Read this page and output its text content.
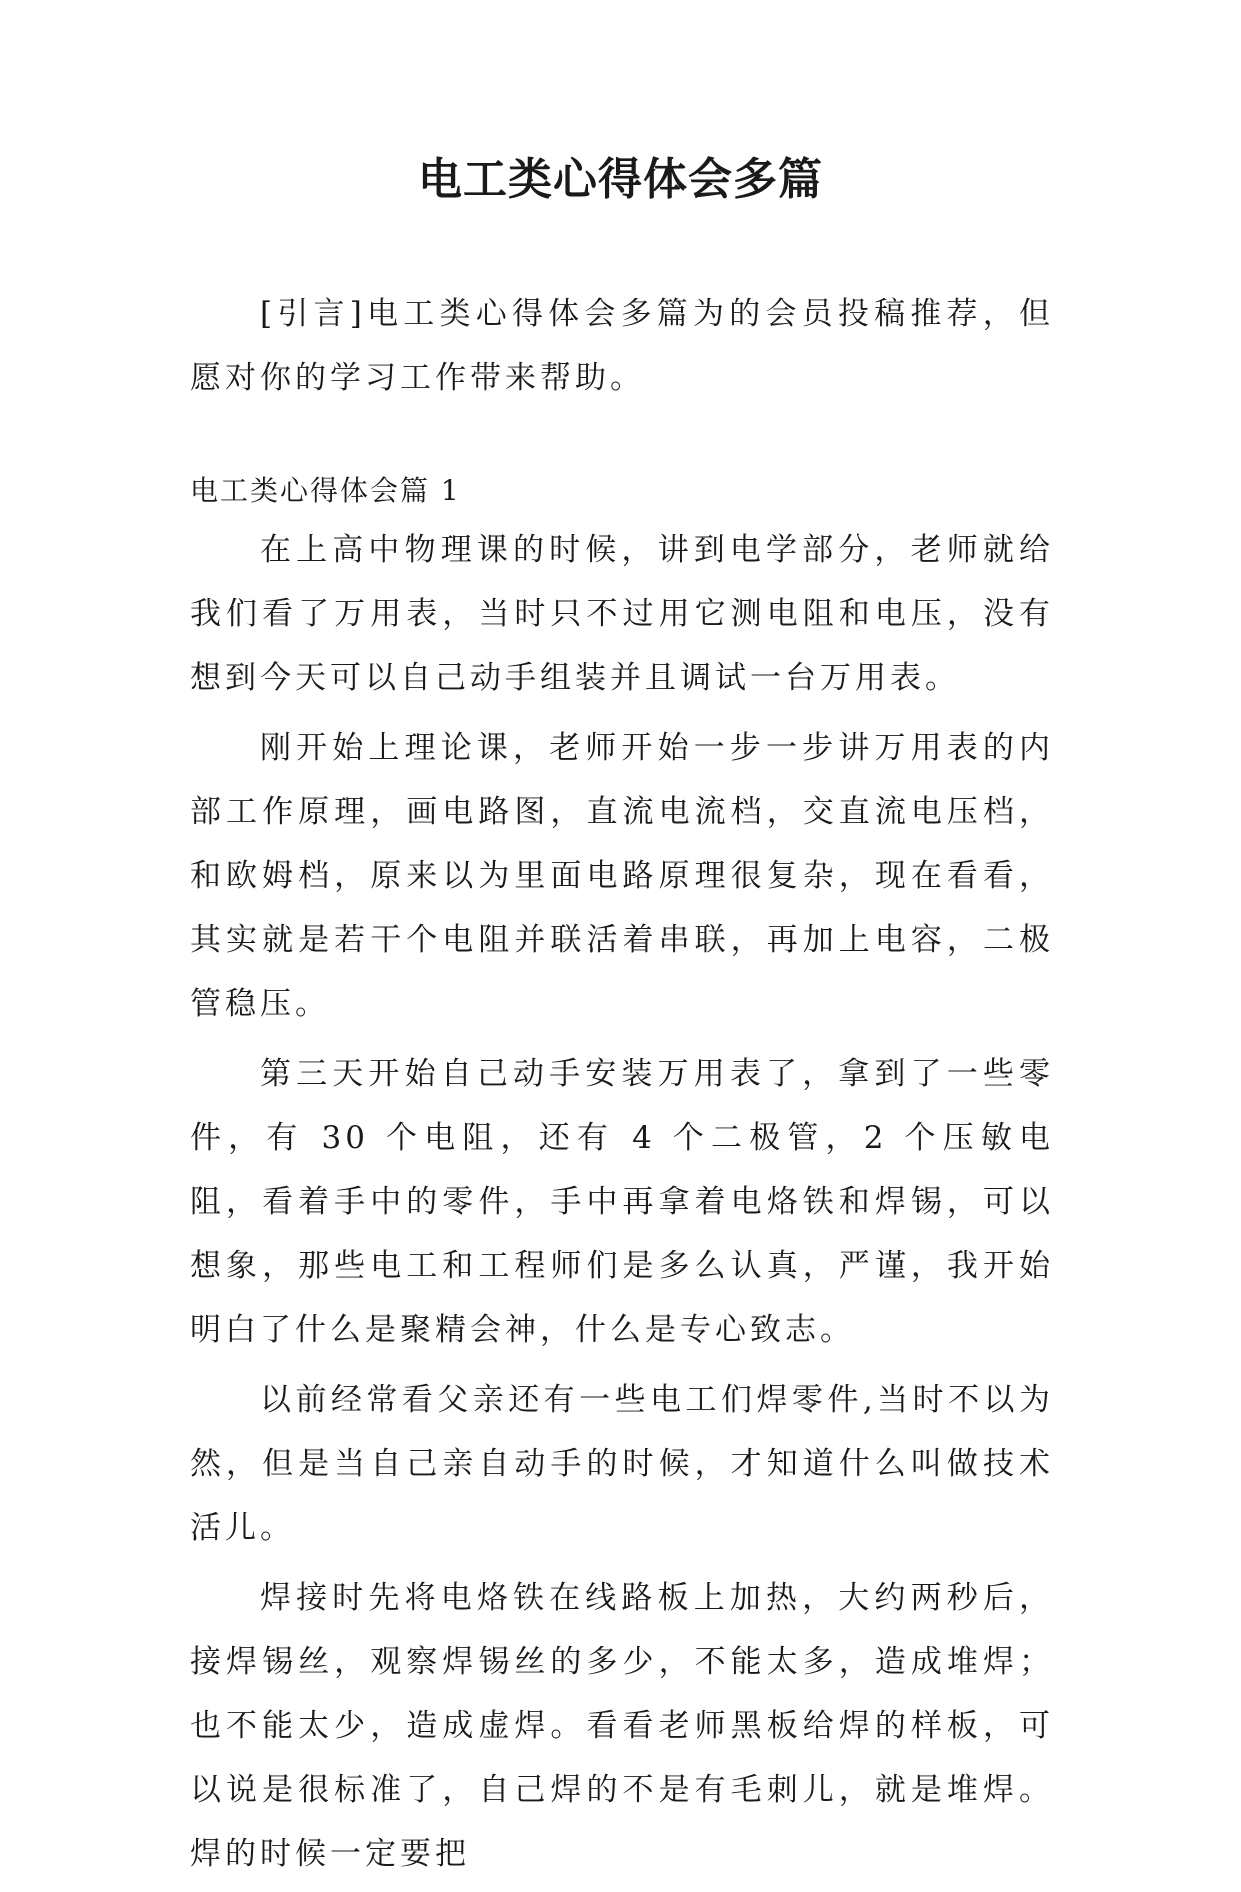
电工类心得体会多篇

[引言]电工类心得体会多篇为的会员投稿推荐，但愿对你的学习工作带来帮助。

电工类心得体会篇 1

在上高中物理课的时候，讲到电学部分，老师就给我们看了万用表，当时只不过用它测电阻和电压，没有想到今天可以自己动手组装并且调试一台万用表。

刚开始上理论课，老师开始一步一步讲万用表的内部工作原理，画电路图，直流电流档，交直流电压档，和欧姆档，原来以为里面电路原理很复杂，现在看看，其实就是若干个电阻并联活着串联，再加上电容，二极管稳压。

第三天开始自己动手安装万用表了，拿到了一些零件，有 30 个电阻，还有 4 个二极管，2 个压敏电阻，看着手中的零件，手中再拿着电烙铁和焊锡，可以想象，那些电工和工程师们是多么认真，严谨，我开始明白了什么是聚精会神，什么是专心致志。

以前经常看父亲还有一些电工们焊零件,当时不以为然，但是当自己亲自动手的时候，才知道什么叫做技术活儿。

焊接时先将电烙铁在线路板上加热，大约两秒后，接焊锡丝，观察焊锡丝的多少，不能太多，造成堆焊；也不能太少，造成虚焊。看看老师黑板给焊的样板，可以说是很标准了，自己焊的不是有毛刺儿，就是堆焊。焊的时候一定要把
